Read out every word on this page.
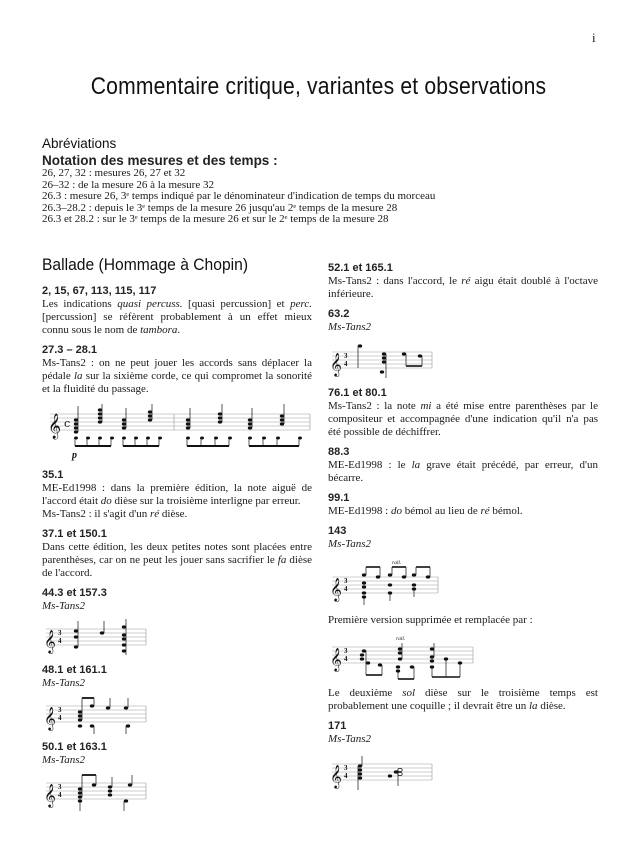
i
Commentaire critique, variantes et observations
Abréviations
Notation des mesures et des temps :
26, 27, 32 : mesures 26, 27 et 32
26–32 : de la mesure 26 à la mesure 32
26.3 : mesure 26, 3ᵉ temps indiqué par le dénominateur d'indication de temps du morceau
26.3–28.2 : depuis le 3ᵉ temps de la mesure 26 jusqu'au 2ᵉ temps de la mesure 28
26.3 et 28.2 : sur le 3ᵉ temps de la mesure 26 et sur le 2ᵉ temps de la mesure 28
Ballade (Hommage à Chopin)
2, 15, 67, 113, 115, 117
Les indications quasi percuss. [quasi percussion] et perc. [percussion] se réfèrent probablement à un effet mieux connu sous le nom de tambora.
27.3 – 28.1
Ms-Tans2 : on ne peut jouer les accords sans déplacer la pédale la sur la sixième corde, ce qui compromet la sonorité et la fluidité du passage.
𝄞 c
p
35.1
ME-Ed1998 : dans la première édition, la note aiguë de l'accord était do dièse sur la troisième interligne par erreur.
Ms-Tans2 : il s'agit d'un ré dièse.
37.1 et 150.1
Dans cette édition, les deux petites notes sont placées entre parenthèses, car on ne peut les jouer sans sacrifier le fa dièse de l'accord.
44.3 et 157.3
Ms-Tans2
𝄞 3
4
48.1 et 161.1
Ms-Tans2
𝄞 3
4
50.1 et 163.1
Ms-Tans2
𝄞 3
4
52.1 et 165.1
Ms-Tans2 : dans l'accord, le ré aigu était doublé à l'octave inférieure.
63.2
Ms-Tans2
𝄞 3
4
76.1 et 80.1
Ms-Tans2 : la note mi a été mise entre parenthèses par le compositeur et accompagnée d'une indication qu'il n'a pas été possible de déchiffrer.
88.3
ME-Ed1998 : le la grave était précédé, par erreur, d'un bécarre.
99.1
ME-Ed1998 : do bémol au lieu de ré bémol.
143
Ms-Tans2
rall.
𝄞 3
4
Première version supprimée et remplacée par :
rall.
𝄞 3
4
Le deuxième sol dièse sur le troisième temps est probablement une coquille ; il devrait être un la dièse.
171
Ms-Tans2
𝄞 3
4
